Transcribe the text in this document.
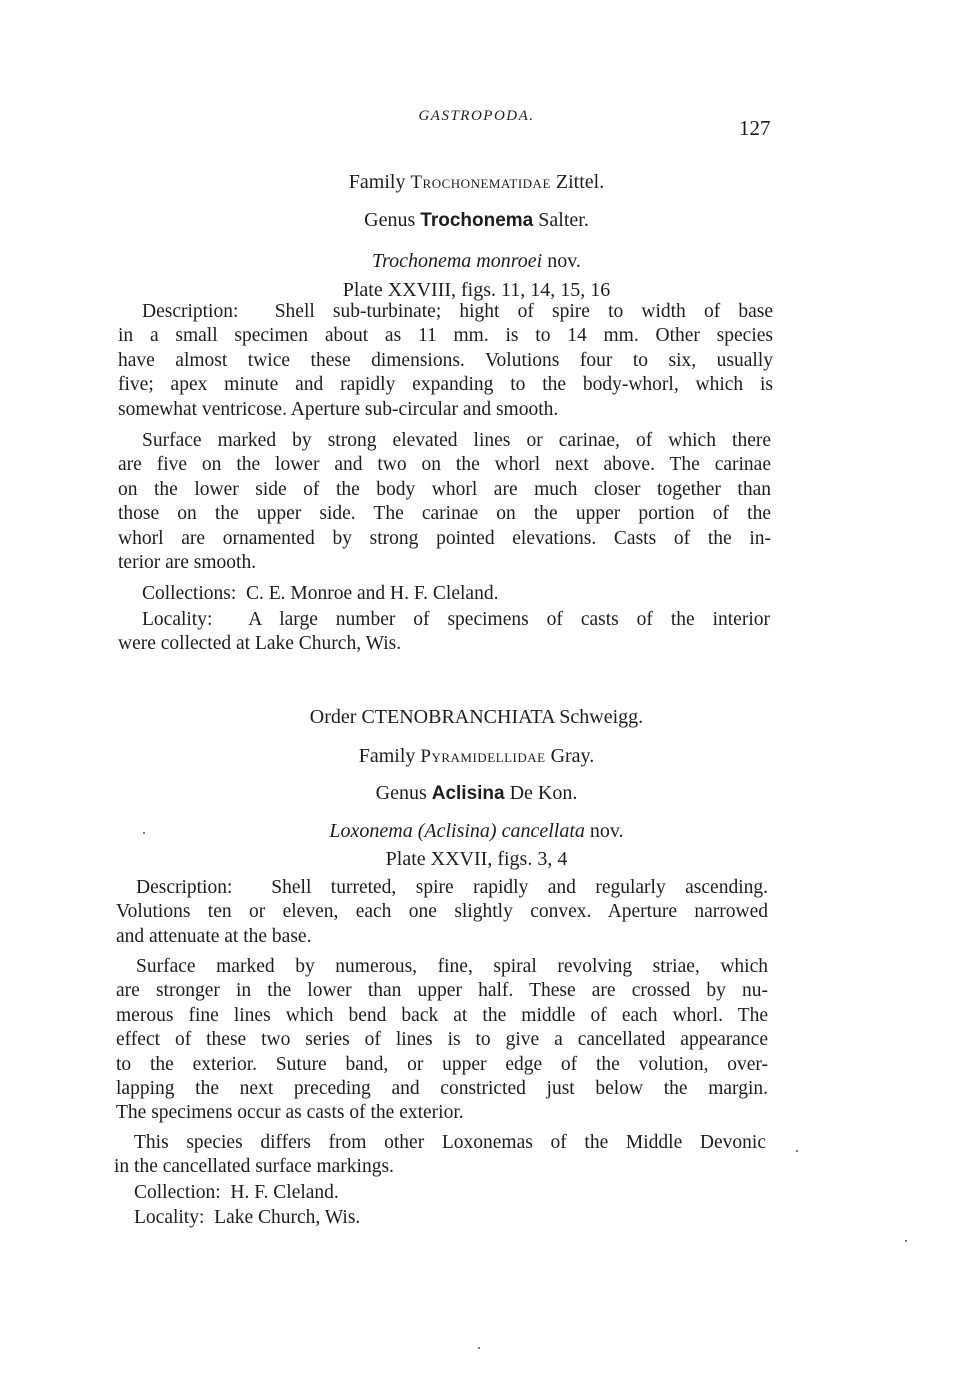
GASTROPODA.	127
Family Trochonematidae Zittel.
Genus Trochonema Salter.
Trochonema monroei nov.
Plate XXVIII, figs. 11, 14, 15, 16
Description: Shell sub-turbinate; hight of spire to width of base
in a small specimen about as 11 mm. is to 14 mm. Other species
have almost twice these dimensions. Volutions four to six, usually
five; apex minute and rapidly expanding to the body-whorl, which is
somewhat ventricose. Aperture sub-circular and smooth.
Surface marked by strong elevated lines or carinae, of which there
are five on the lower and two on the whorl next above. The carinae
on the lower side of the body whorl are much closer together than
those on the upper side. The carinae on the upper portion of the
whorl are ornamented by strong pointed elevations. Casts of the in-
terior are smooth.
Collections: C. E. Monroe and H. F. Cleland.
Locality: A large number of specimens of casts of the interior
were collected at Lake Church, Wis.
Order CTENOBRANCHIATA Schweigg.
Family Pyramidellidae Gray.
Genus Aclisina De Kon.
Loxonema (Aclisina) cancellata nov.
Plate XXVII, figs. 3, 4
Description: Shell turreted, spire rapidly and regularly ascending.
Volutions ten or eleven, each one slightly convex. Aperture narrowed
and attenuate at the base.
Surface marked by numerous, fine, spiral revolving striae, which
are stronger in the lower than upper half. These are crossed by nu-
merous fine lines which bend back at the middle of each whorl. The
effect of these two series of lines is to give a cancellated appearance
to the exterior. Suture band, or upper edge of the volution, over-
lapping the next preceding and constricted just below the margin.
The specimens occur as casts of the exterior.
This species differs from other Loxonemas of the Middle Devonic
in the cancellated surface markings.
Collection: H. F. Cleland.
Locality: Lake Church, Wis.
